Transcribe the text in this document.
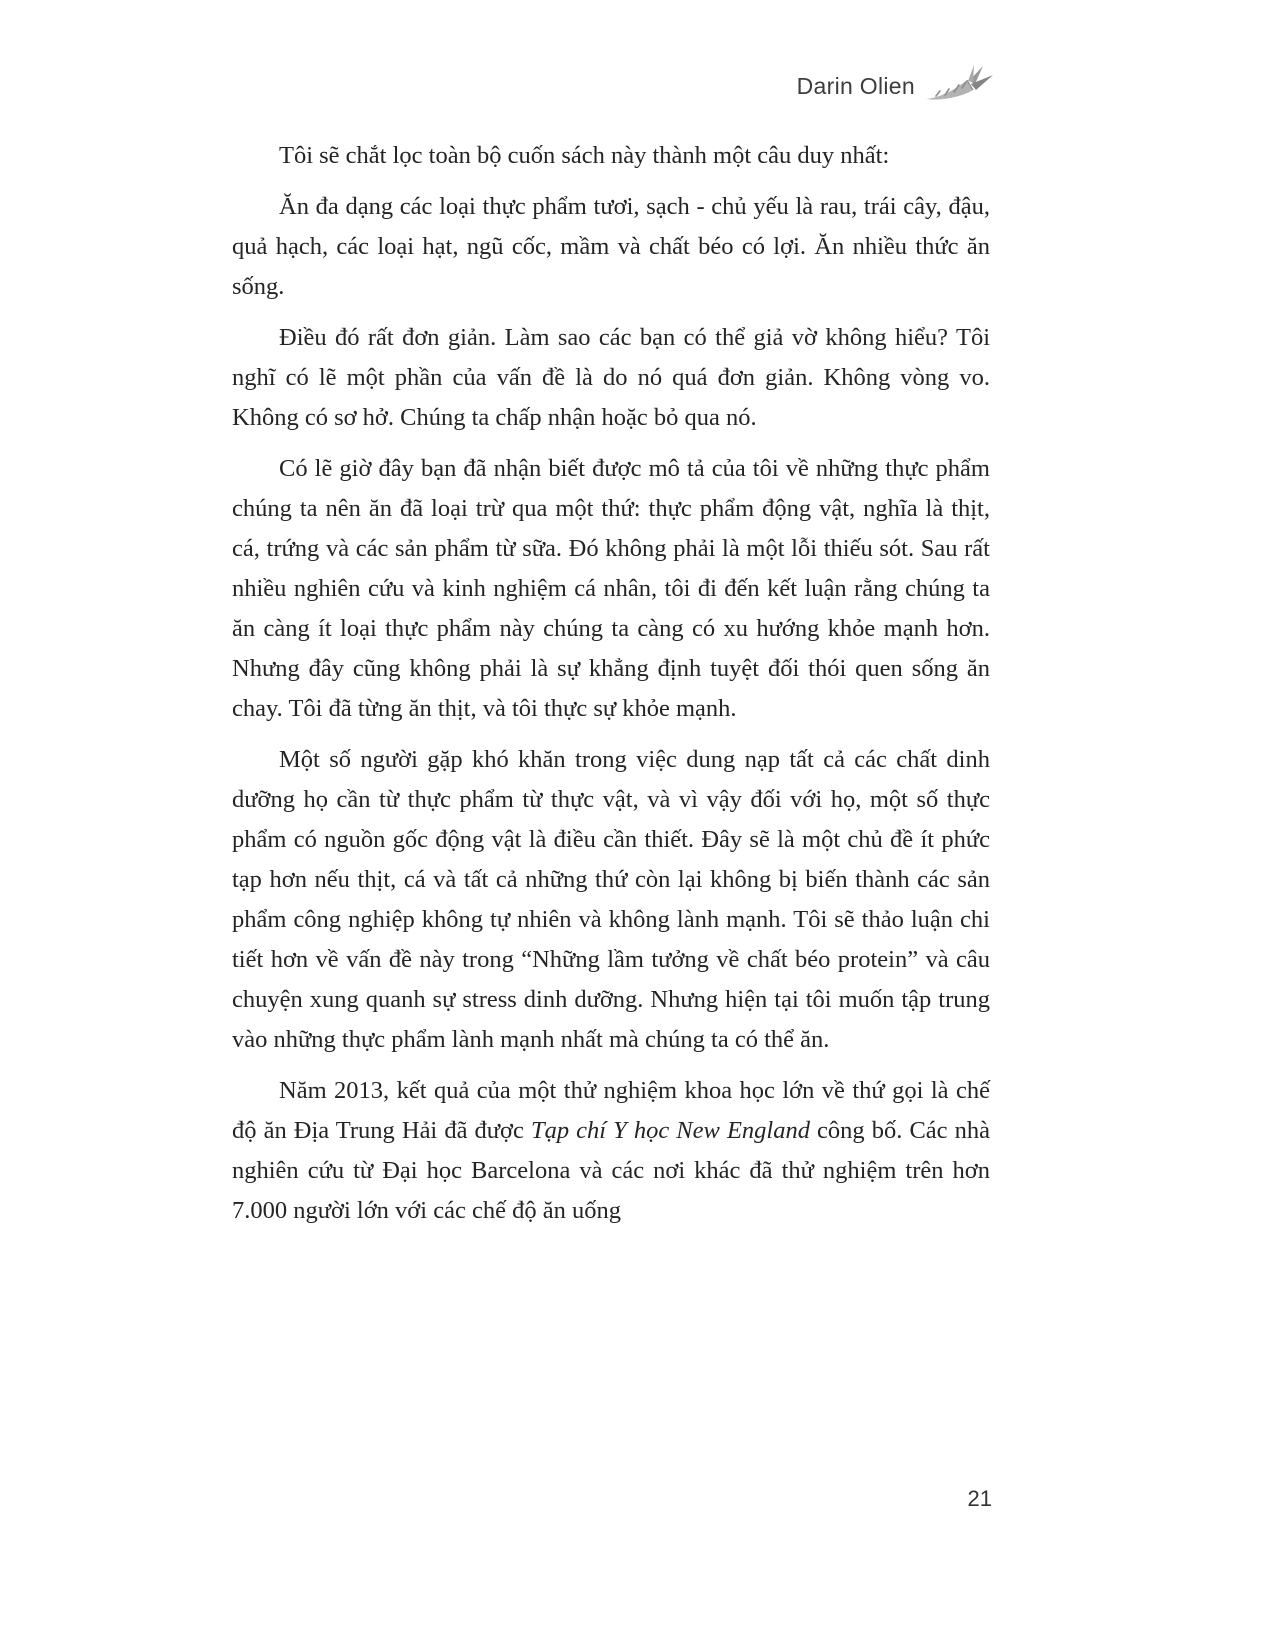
Darin Olien

Tôi sẽ chắt lọc toàn bộ cuốn sách này thành một câu duy nhất:

Ăn đa dạng các loại thực phẩm tươi, sạch - chủ yếu là rau, trái cây, đậu, quả hạch, các loại hạt, ngũ cốc, mầm và chất béo có lợi. Ăn nhiều thức ăn sống.

Điều đó rất đơn giản. Làm sao các bạn có thể giả vờ không hiểu? Tôi nghĩ có lẽ một phần của vấn đề là do nó quá đơn giản. Không vòng vo. Không có sơ hở. Chúng ta chấp nhận hoặc bỏ qua nó.

Có lẽ giờ đây bạn đã nhận biết được mô tả của tôi về những thực phẩm chúng ta nên ăn đã loại trừ qua một thứ: thực phẩm động vật, nghĩa là thịt, cá, trứng và các sản phẩm từ sữa. Đó không phải là một lỗi thiếu sót. Sau rất nhiều nghiên cứu và kinh nghiệm cá nhân, tôi đi đến kết luận rằng chúng ta ăn càng ít loại thực phẩm này chúng ta càng có xu hướng khỏe mạnh hơn. Nhưng đây cũng không phải là sự khẳng định tuyệt đối thói quen sống ăn chay. Tôi đã từng ăn thịt, và tôi thực sự khỏe mạnh.

Một số người gặp khó khăn trong việc dung nạp tất cả các chất dinh dưỡng họ cần từ thực phẩm từ thực vật, và vì vậy đối với họ, một số thực phẩm có nguồn gốc động vật là điều cần thiết. Đây sẽ là một chủ đề ít phức tạp hơn nếu thịt, cá và tất cả những thứ còn lại không bị biến thành các sản phẩm công nghiệp không tự nhiên và không lành mạnh. Tôi sẽ thảo luận chi tiết hơn về vấn đề này trong “Những lầm tưởng về chất béo protein” và câu chuyện xung quanh sự stress dinh dưỡng. Nhưng hiện tại tôi muốn tập trung vào những thực phẩm lành mạnh nhất mà chúng ta có thể ăn.

Năm 2013, kết quả của một thử nghiệm khoa học lớn về thứ gọi là chế độ ăn Địa Trung Hải đã được Tạp chí Y học New England công bố. Các nhà nghiên cứu từ Đại học Barcelona và các nơi khác đã thử nghiệm trên hơn 7.000 người lớn với các chế độ ăn uống

21
